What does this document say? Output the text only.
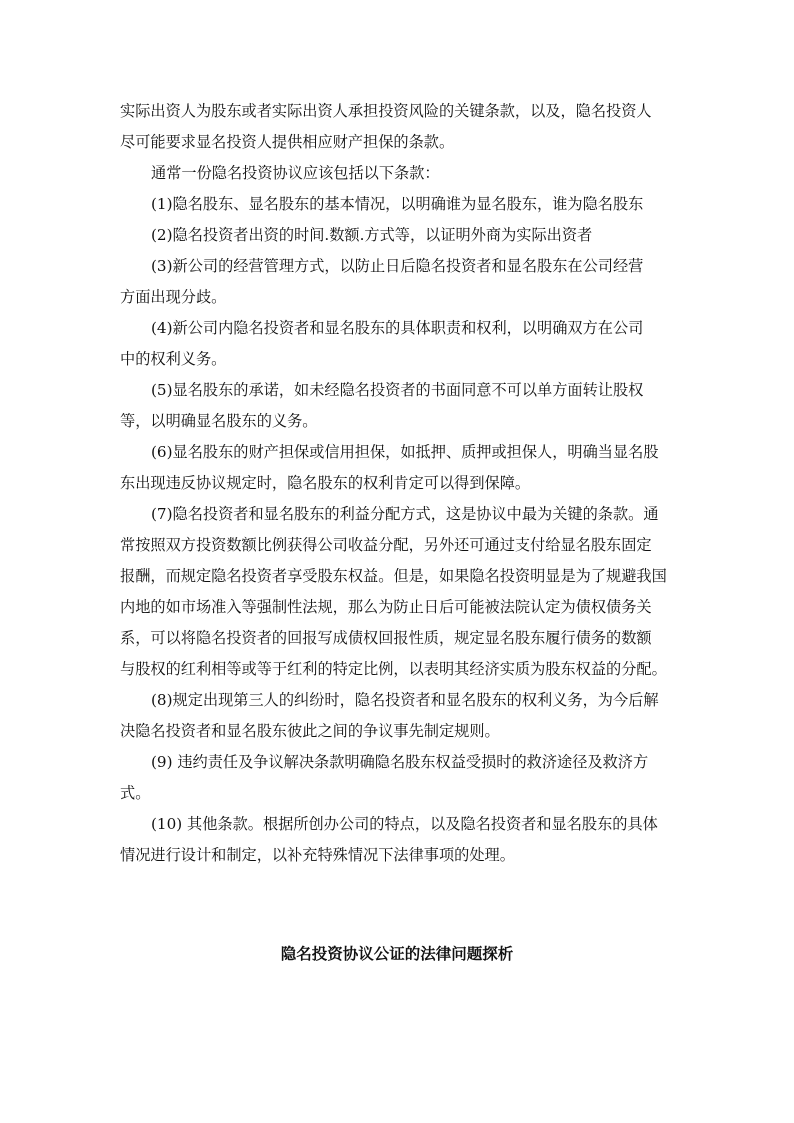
实际出资人为股东或者实际出资人承担投资风险的关键条款，以及，隐名投资人
尽可能要求显名投资人提供相应财产担保的条款。
通常一份隐名投资协议应该包括以下条款：
(1)隐名股东、显名股东的基本情况，以明确谁为显名股东，谁为隐名股东
(2)隐名投资者出资的时间.数额.方式等，以证明外商为实际出资者
(3)新公司的经营管理方式，以防止日后隐名投资者和显名股东在公司经营
方面出现分歧。
(4)新公司内隐名投资者和显名股东的具体职责和权利，以明确双方在公司
中的权利义务。
(5)显名股东的承诺，如未经隐名投资者的书面同意不可以单方面转让股权
等，以明确显名股东的义务。
(6)显名股东的财产担保或信用担保，如抵押、质押或担保人，明确当显名股
东出现违反协议规定时，隐名股东的权利肯定可以得到保障。
(7)隐名投资者和显名股东的利益分配方式，这是协议中最为关键的条款。通
常按照双方投资数额比例获得公司收益分配，另外还可通过支付给显名股东固定
报酬，而规定隐名投资者享受股东权益。但是，如果隐名投资明显是为了规避我国
内地的如市场准入等强制性法规，那么为防止日后可能被法院认定为债权债务关
系，可以将隐名投资者的回报写成债权回报性质，规定显名股东履行债务的数额
与股权的红利相等或等于红利的特定比例，以表明其经济实质为股东权益的分配。
(8)规定出现第三人的纠纷时，隐名投资者和显名股东的权利义务，为今后解
决隐名投资者和显名股东彼此之间的争议事先制定规则。
(9) 违约责任及争议解决条款明确隐名股东权益受损时的救济途径及救济方
式。
(10) 其他条款。根据所创办公司的特点，以及隐名投资者和显名股东的具体
情况进行设计和制定，以补充特殊情况下法律事项的处理。
隐名投资协议公证的法律问题探析
